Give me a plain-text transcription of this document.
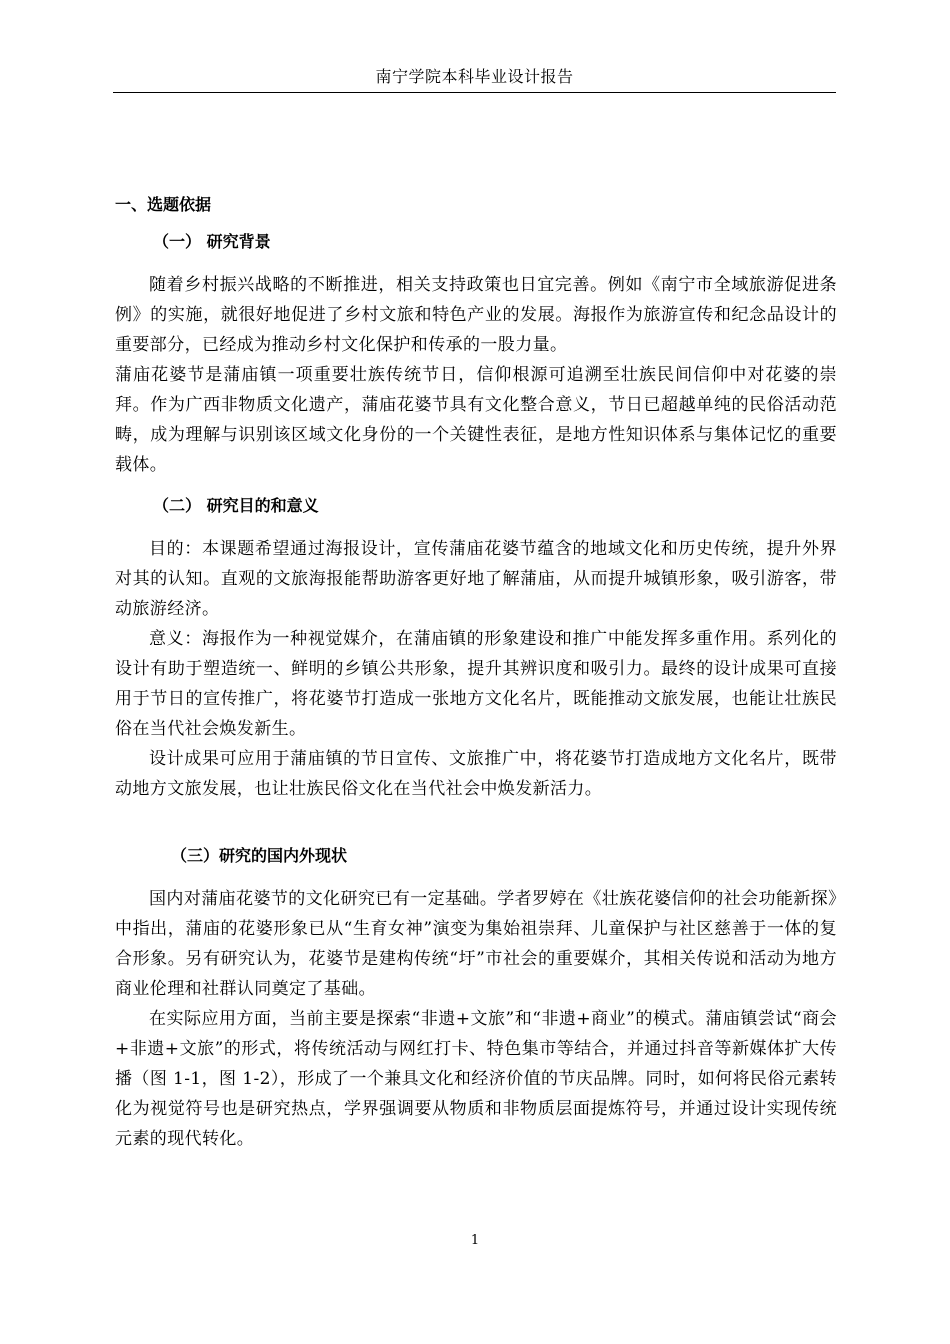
南宁学院本科毕业设计报告
一、选题依据
（一） 研究背景

随着乡村振兴战略的不断推进，相关支持政策也日宜完善。例如《南宁市全域旅游促进条例》的实施，就很好地促进了乡村文旅和特色产业的发展。海报作为旅游宣传和纪念品设计的重要部分，已经成为推动乡村文化保护和传承的一股力量。

蒲庙花婆节是蒲庙镇一项重要壮族传统节日，信仰根源可追溯至壮族民间信仰中对花婆的崇拜。作为广西非物质文化遗产，蒲庙花婆节具有文化整合意义，节日已超越单纯的民俗活动范畴，成为理解与识别该区域文化身份的一个关键性表征，是地方性知识体系与集体记忆的重要载体。

（二） 研究目的和意义

目的：本课题希望通过海报设计，宣传蒲庙花婆节蕴含的地域文化和历史传统，提升外界对其的认知。直观的文旅海报能帮助游客更好地了解蒲庙，从而提升城镇形象，吸引游客，带动旅游经济。

意义：海报作为一种视觉媒介，在蒲庙镇的形象建设和推广中能发挥多重作用。系列化的设计有助于塑造统一、鲜明的乡镇公共形象，提升其辨识度和吸引力。最终的设计成果可直接用于节日的宣传推广，将花婆节打造成一张地方文化名片，既能推动文旅发展，也能让壮族民俗在当代社会焕发新生。

设计成果可应用于蒲庙镇的节日宣传、文旅推广中，将花婆节打造成地方文化名片，既带动地方文旅发展，也让壮族民俗文化在当代社会中焕发新活力。

（三）研究的国内外现状

国内对蒲庙花婆节的文化研究已有一定基础。学者罗婷在《壮族花婆信仰的社会功能新探》中指出，蒲庙的花婆形象已从“生育女神”演变为集始祖崇拜、儿童保护与社区慈善于一体的复合形象。另有研究认为，花婆节是建构传统“圩”市社会的重要媒介，其相关传说和活动为地方商业伦理和社群认同奠定了基础。

在实际应用方面，当前主要是探索“非遗+文旅”和“非遗+商业”的模式。蒲庙镇尝试“商会+非遗+文旅”的形式，将传统活动与网红打卡、特色集市等结合，并通过抖音等新媒体扩大传播（图 1-1，图 1-2），形成了一个兼具文化和经济价值的节庆品牌。同时，如何将民俗元素转化为视觉符号也是研究热点，学界强调要从物质和非物质层面提炼符号，并通过设计实现传统元素的现代转化。

1
